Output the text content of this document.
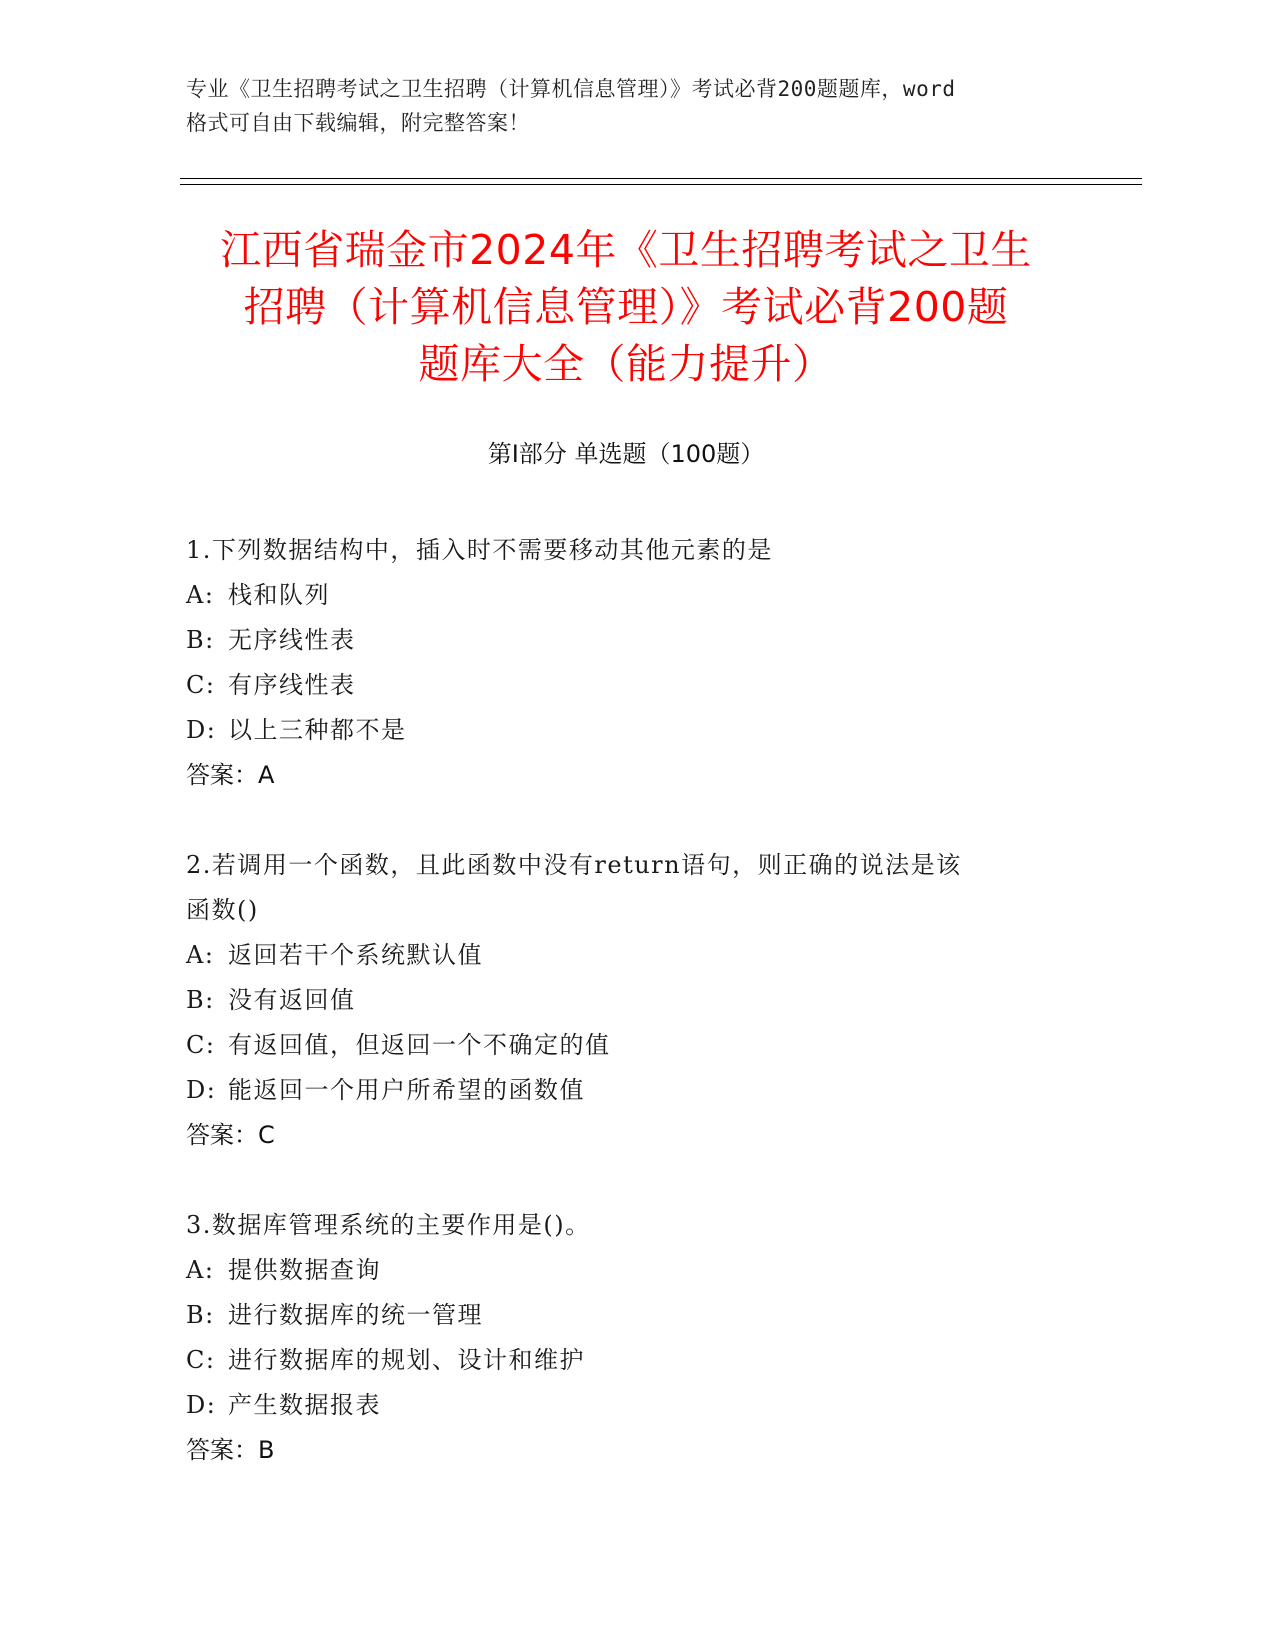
专业《卫生招聘考试之卫生招聘（计算机信息管理）》考试必背200题题库，word
格式可自由下载编辑，附完整答案！
江西省瑞金市2024年《卫生招聘考试之卫生
招聘（计算机信息管理）》考试必背200题
题库大全（能力提升）
第Ⅰ部分 单选题（100题）
1.下列数据结构中，插入时不需要移动其他元素的是
A: 栈和队列
B: 无序线性表
C: 有序线性表
D: 以上三种都不是
答案：A
2.若调用一个函数，且此函数中没有return语句，则正确的说法是该
函数()
A: 返回若干个系统默认值
B: 没有返回值
C: 有返回值，但返回一个不确定的值
D: 能返回一个用户所希望的函数值
答案：C
3.数据库管理系统的主要作用是()。
A: 提供数据查询
B: 进行数据库的统一管理
C: 进行数据库的规划、设计和维护
D: 产生数据报表
答案：B
